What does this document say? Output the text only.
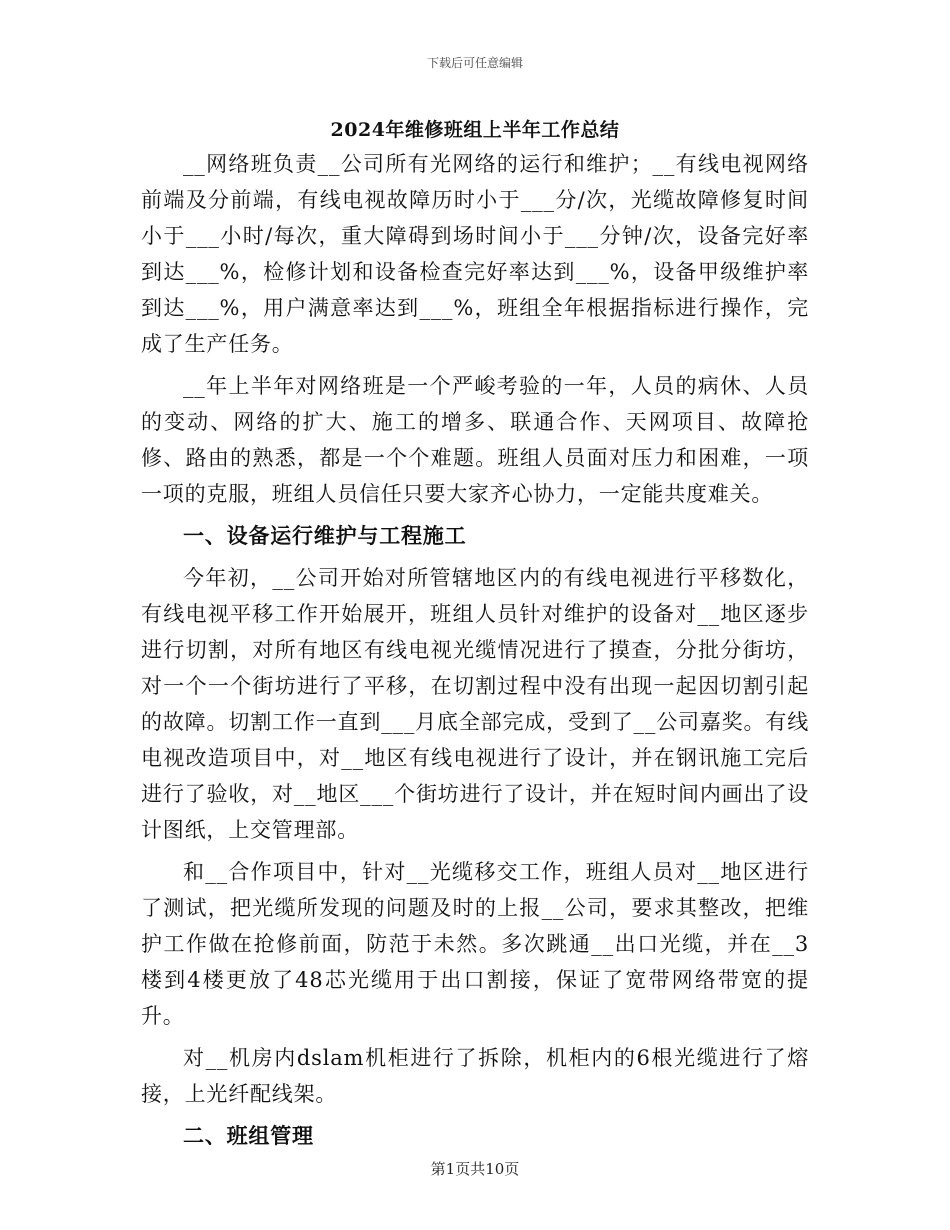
下载后可任意编辑
2024年维修班组上半年工作总结

__网络班负责__公司所有光网络的运行和维护；__有线电视网络前端及分前端，有线电视故障历时小于___分/次，光缆故障修复时间小于___小时/每次，重大障碍到场时间小于___分钟/次，设备完好率到达___%，检修计划和设备检查完好率达到___%，设备甲级维护率到达___%，用户满意率达到___%，班组全年根据指标进行操作，完成了生产任务。

__年上半年对网络班是一个严峻考验的一年，人员的病休、人员的变动、网络的扩大、施工的增多、联通合作、天网项目、故障抢修、路由的熟悉，都是一个个难题。班组人员面对压力和困难，一项一项的克服，班组人员信任只要大家齐心协力，一定能共度难关。

一、设备运行维护与工程施工

今年初，__公司开始对所管辖地区内的有线电视进行平移数化，有线电视平移工作开始展开，班组人员针对维护的设备对__地区逐步进行切割，对所有地区有线电视光缆情况进行了摸查，分批分街坊，对一个一个街坊进行了平移，在切割过程中没有出现一起因切割引起的故障。切割工作一直到___月底全部完成，受到了__公司嘉奖。有线电视改造项目中，对__地区有线电视进行了设计，并在钢讯施工完后进行了验收，对__地区___个街坊进行了设计，并在短时间内画出了设计图纸，上交管理部。

和__合作项目中，针对__光缆移交工作，班组人员对__地区进行了测试，把光缆所发现的问题及时的上报__公司，要求其整改，把维护工作做在抢修前面，防范于未然。多次跳通__出口光缆，并在__3楼到4楼更放了48芯光缆用于出口割接，保证了宽带网络带宽的提升。

对__机房内dslam机柜进行了拆除，机柜内的6根光缆进行了熔接，上光纤配线架。

二、班组管理

第1页共10页
